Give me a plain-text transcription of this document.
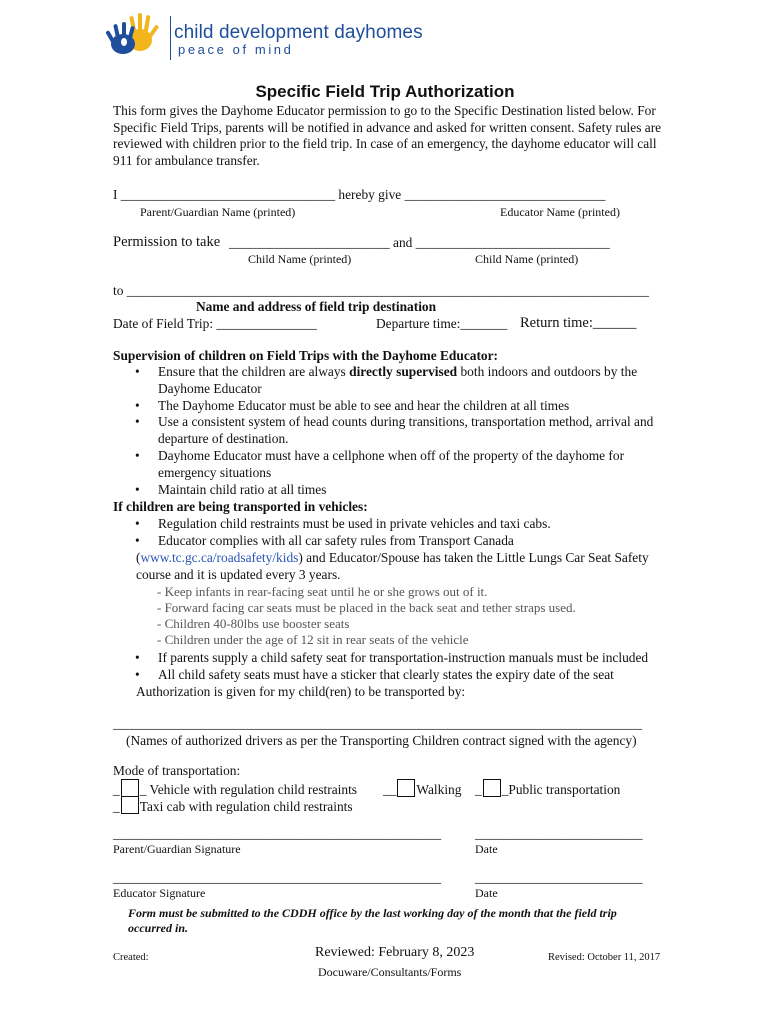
child development dayhomes
peace of mind
Specific Field Trip Authorization
This form gives the Dayhome Educator permission to go to the Specific Destination listed below. For Specific Field Trips, parents will be notified in advance and asked for written consent. Safety rules are reviewed with children prior to the field trip. In case of an emergency, the dayhome educator will call 911 for ambulance transfer.
I ________________________________ hereby give ______________________________
Parent/Guardian Name (printed)	Educator Name (printed)
Permission to take ________________________ and _____________________________
Child Name (printed)	Child Name (printed)
to ______________________________________________________________________________
Name and address of field trip destination
Date of Field Trip: _______________	Departure time:_______ Return time:______
Supervision of children on Field Trips with the Dayhome Educator:
• Ensure that the children are always directly supervised both indoors and outdoors by the Dayhome Educator
• The Dayhome Educator must be able to see and hear the children at all times
• Use a consistent system of head counts during transitions, transportation method, arrival and departure of destination.
• Dayhome Educator must have a cellphone when off of the property of the dayhome for emergency situations
• Maintain child ratio at all times
If children are being transported in vehicles:
• Regulation child restraints must be used in private vehicles and taxi cabs.
• Educator complies with all car safety rules from Transport Canada
(www.tc.gc.ca/roadsafety/kids) and Educator/Spouse has taken the Little Lungs Car Seat Safety
course and it is updated every 3 years.
- Keep infants in rear-facing seat until he or she grows out of it.
- Forward facing car seats must be placed in the back seat and tether straps used.
- Children 40-80lbs use booster seats
- Children under the age of 12 sit in rear seats of the vehicle
• If parents supply a child safety seat for transportation-instruction manuals must be included
• All child safety seats must have a sticker that clearly states the expiry date of the seat
Authorization is given for my child(ren) to be transported by:
_______________________________________________________________________________
(Names of authorized drivers as per the Transporting Children contract signed with the agency)
Mode of transportation:
_ _ Vehicle with regulation child restraints __ Walking _ _Public transportation
_ Taxi cab with regulation child restraints
_________________________________________________	_________________________
Parent/Guardian Signature	Date
_________________________________________________	_________________________
Educator Signature	Date
Form must be submitted to the CDDH office by the last working day of the month that the field trip occurred in.
Created:	Reviewed: February 8, 2023
Docuware/Consultants/Forms
Revised: October 11, 2017
